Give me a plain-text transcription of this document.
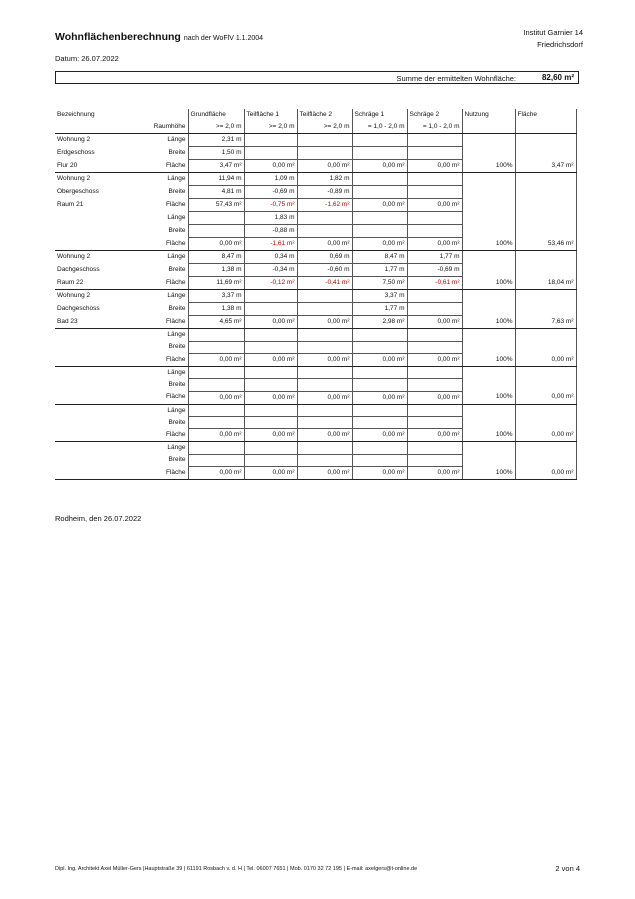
Wohnflächenberechnung nach der WoFlV 1.1.2004
Institut Garnier 14
Friedrichsdorf
Datum: 26.07.2022
Summe der ermittelten Wohnfläche:	82,60 m²
Bezeichnung		Grundfläche	Teilfläche 1	Teilfläche 2	Schräge 1	Schräge 2	Nutzung	Fläche
	Raumhöhe	>= 2,0 m	>= 2,0 m	>= 2,0 m	= 1,0 - 2,0 m	= 1,0 - 2,0 m		
Wohnung 2	Länge	2,31 m						
Erdgeschoss	Breite	1,50 m						
Flur 20	Fläche	3,47 m²	0,00 m²	0,00 m²	0,00 m²	0,00 m²	100%	3,47 m²
Wohnung 2	Länge	11,94 m	1,09 m	1,82 m				
Obergeschoss	Breite	4,81 m	-0,69 m	-0,89 m				
Raum 21	Fläche	57,43 m²	-0,75 m²	-1,62 m²	0,00 m²	0,00 m²		
	Länge		1,83 m					
	Breite		-0,88 m					
	Fläche	0,00 m²	-1,61 m²	0,00 m²	0,00 m²	0,00 m²	100%	53,46 m²
Wohnung 2	Länge	8,47 m	0,34 m	0,69 m	8,47 m	1,77 m		
Dachgeschoss	Breite	1,38 m	-0,34 m	-0,60 m	1,77 m	-0,69 m		
Raum 22	Fläche	11,69 m²	-0,12 m²	-0,41 m²	7,50 m²	-0,61 m²	100%	18,04 m²
Wohnung 2	Länge	3,37 m			3,37 m			
Dachgeschoss	Breite	1,38 m			1,77 m			
Bad 23	Fläche	4,65 m²	0,00 m²	0,00 m²	2,98 m²	0,00 m²	100%	7,63 m²
	Länge							
	Breite							
	Fläche	0,00 m²	0,00 m²	0,00 m²	0,00 m²	0,00 m²	100%	0,00 m²
	Länge							
	Breite							
	Fläche	0,00 m²	0,00 m²	0,00 m²	0,00 m²	0,00 m²	100%	0,00 m²
	Länge							
	Breite							
	Fläche	0,00 m²	0,00 m²	0,00 m²	0,00 m²	0,00 m²	100%	0,00 m²
	Länge							
	Breite							
	Fläche	0,00 m²	0,00 m²	0,00 m²	0,00 m²	0,00 m²	100%	0,00 m²
Rodheim, den 26.07.2022
Dipl. Ing. Architekt Axel Müller-Gers |Hauptstraße 39 | 61191 Rosbach v. d. H | Tel. 06007 7651 | Mob. 0170 32 72 195 | E-mail: axelgers@t-online.de	2 von 4
